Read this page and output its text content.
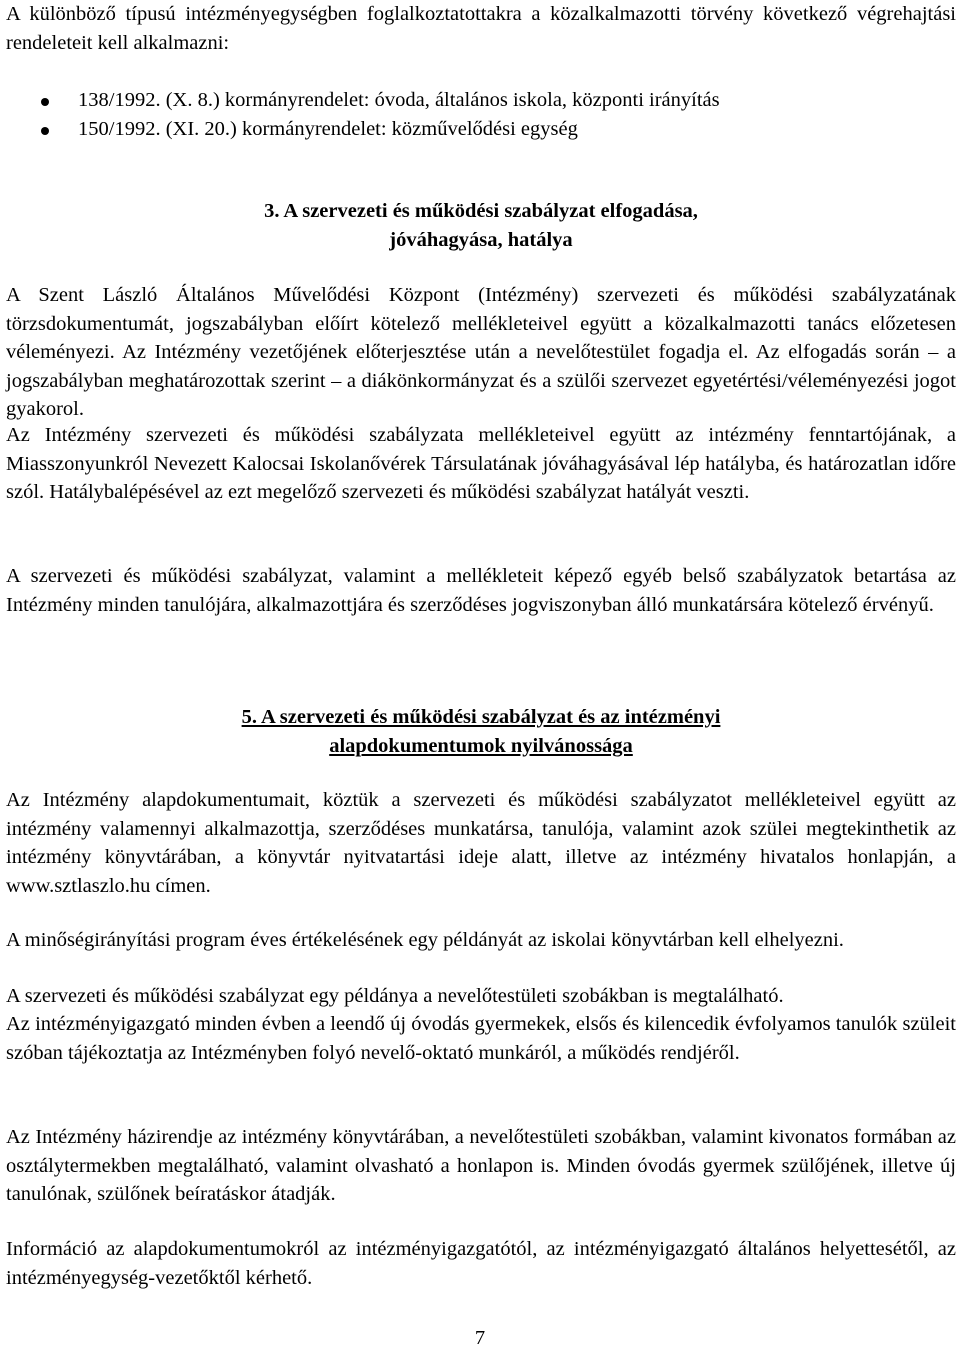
A különböző típusú intézményegységben foglalkoztatottakra a közalkalmazotti törvény következő végrehajtási rendeleteit kell alkalmazni:

138/1992. (X. 8.) kormányrendelet: óvoda, általános iskola, központi irányítás
150/1992. (XI. 20.) kormányrendelet: közművelődési egység
3. A szervezeti és működési szabályzat elfogadása,
jóváhagyása, hatálya

A Szent László Általános Művelődési Központ (Intézmény) szervezeti és működési szabályzatának törzsdokumentumát, jogszabályban előírt kötelező mellékleteivel együtt a közalkalmazotti tanács előzetesen véleményezi. Az Intézmény vezetőjének előterjesztése után a nevelőtestület fogadja el. Az elfogadás során – a jogszabályban meghatározottak szerint – a diákönkormányzat és a szülői szervezet egyetértési/véleményezési jogot gyakorol.

Az Intézmény szervezeti és működési szabályzata mellékleteivel együtt az intézmény fenntartójának, a Miasszonyunkról Nevezett Kalocsai Iskolanővérek Társulatának jóváhagyásával lép hatályba, és határozatlan időre szól. Hatálybalépésével az ezt megelőző szervezeti és működési szabályzat hatályát veszti.

A szervezeti és működési szabályzat, valamint a mellékleteit képező egyéb belső szabályzatok betartása az Intézmény minden tanulójára, alkalmazottjára és szerződéses jogviszonyban álló munkatársára kötelező érvényű.

5. A szervezeti és működési szabályzat és az intézményi
alapdokumentumok nyilvánossága

Az Intézmény alapdokumentumait, köztük a szervezeti és működési szabályzatot mellékleteivel együtt az intézmény valamennyi alkalmazottja, szerződéses munkatársa, tanulója, valamint azok szülei megtekinthetik az intézmény könyvtárában, a könyvtár nyitvatartási ideje alatt, illetve az intézmény hivatalos honlapján, a www.sztlaszlo.hu címen.

A minőségirányítási program éves értékelésének egy példányát az iskolai könyvtárban kell elhelyezni.

A szervezeti és működési szabályzat egy példánya a nevelőtestületi szobákban is megtalálható.

Az intézményigazgató minden évben a leendő új óvodás gyermekek, elsős és kilencedik évfolyamos tanulók szüleit szóban tájékoztatja az Intézményben folyó nevelő-oktató munkáról, a működés rendjéről.

Az Intézmény házirendje az intézmény könyvtárában, a nevelőtestületi szobákban, valamint kivonatos formában az osztálytermekben megtalálható, valamint olvasható a honlapon is. Minden óvodás gyermek szülőjének, illetve új tanulónak, szülőnek beíratáskor átadják.

Információ az alapdokumentumokról az intézményigazgatótól, az intézményigazgató általános helyettesétől, az intézményegység-vezetőktől kérhető.

7
